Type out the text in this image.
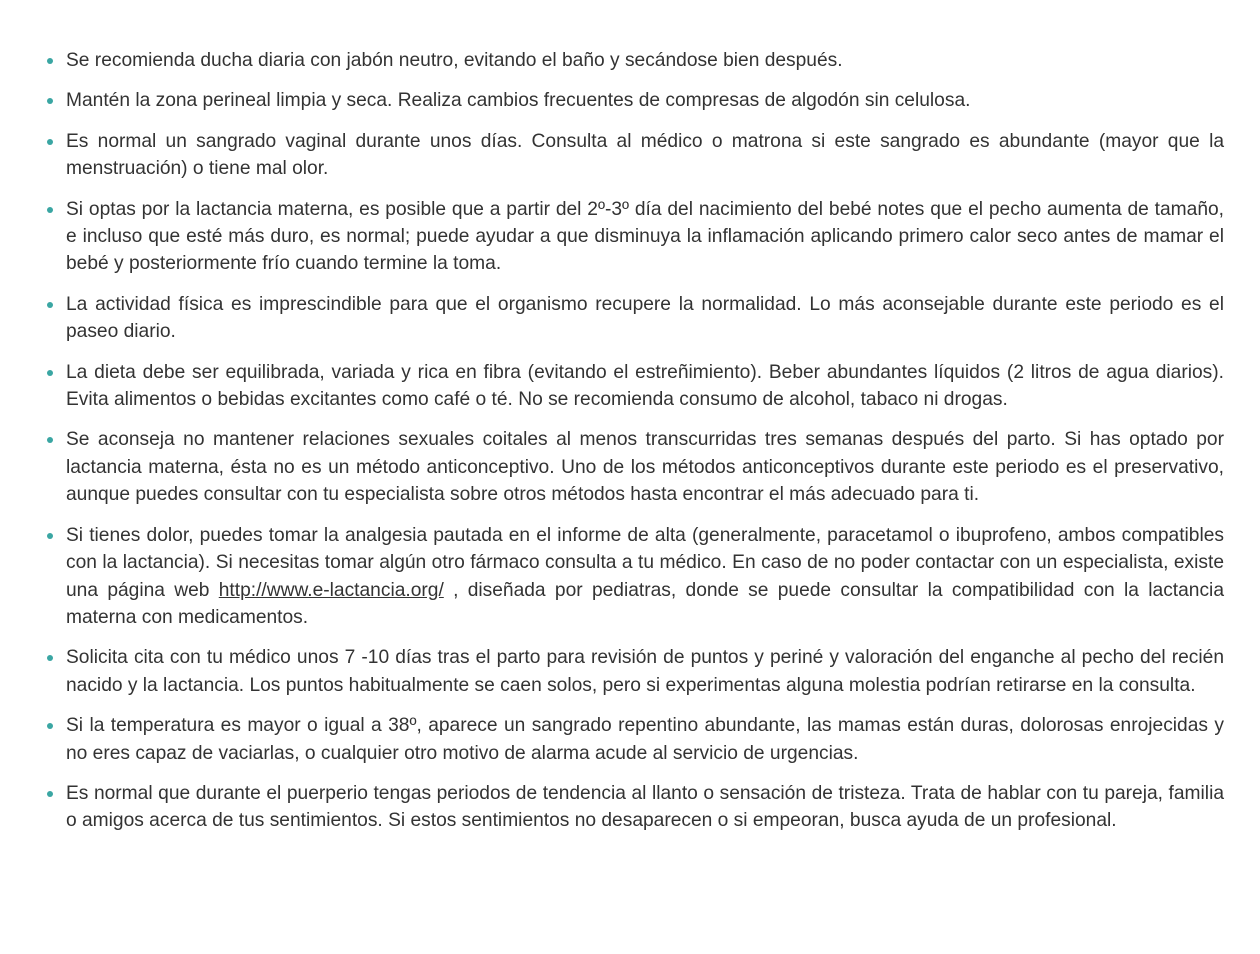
Se recomienda ducha diaria con jabón neutro, evitando el baño y secándose bien después.
Mantén la zona perineal limpia y seca. Realiza cambios frecuentes de compresas de algodón sin celulosa.
Es normal un sangrado vaginal durante unos días. Consulta al médico o matrona si este sangrado es abundante (mayor que la menstruación) o tiene mal olor.
Si optas por la lactancia materna, es posible que a partir del 2º-3º día del nacimiento del bebé notes que el pecho aumenta de tamaño, e incluso que esté más duro, es normal; puede ayudar a que disminuya la inflamación aplicando primero calor seco antes de mamar el bebé y posteriormente frío cuando termine la toma.
La actividad física es imprescindible para que el organismo recupere la normalidad. Lo más aconsejable durante este periodo es el paseo diario.
La dieta debe ser equilibrada, variada y rica en fibra (evitando el estreñimiento). Beber abundantes líquidos (2 litros de agua diarios). Evita alimentos o bebidas excitantes como café o té. No se recomienda consumo de alcohol, tabaco ni drogas.
Se aconseja no mantener relaciones sexuales coitales al menos transcurridas tres semanas después del parto. Si has optado por lactancia materna, ésta no es un método anticonceptivo. Uno de los métodos anticonceptivos durante este periodo es el preservativo, aunque puedes consultar con tu especialista sobre otros métodos hasta encontrar el más adecuado para ti.
Si tienes dolor, puedes tomar la analgesia pautada en el informe de alta (generalmente, paracetamol o ibuprofeno, ambos compatibles con la lactancia). Si necesitas tomar algún otro fármaco consulta a tu médico. En caso de no poder contactar con un especialista, existe una página web http://www.e-lactancia.org/ , diseñada por pediatras, donde se puede consultar la compatibilidad con la lactancia materna con medicamentos.
Solicita cita con tu médico unos 7 -10 días tras el parto para revisión de puntos y periné y valoración del enganche al pecho del recién nacido y la lactancia. Los puntos habitualmente se caen solos, pero si experimentas alguna molestia podrían retirarse en la consulta.
Si la temperatura es mayor o igual a 38º, aparece un sangrado repentino abundante, las mamas están duras, dolorosas enrojecidas y no eres capaz de vaciarlas, o cualquier otro motivo de alarma acude al servicio de urgencias.
Es normal que durante el puerperio tengas periodos de tendencia al llanto o sensación de tristeza. Trata de hablar con tu pareja, familia o amigos acerca de tus sentimientos. Si estos sentimientos no desaparecen o si empeoran, busca ayuda de un profesional.
